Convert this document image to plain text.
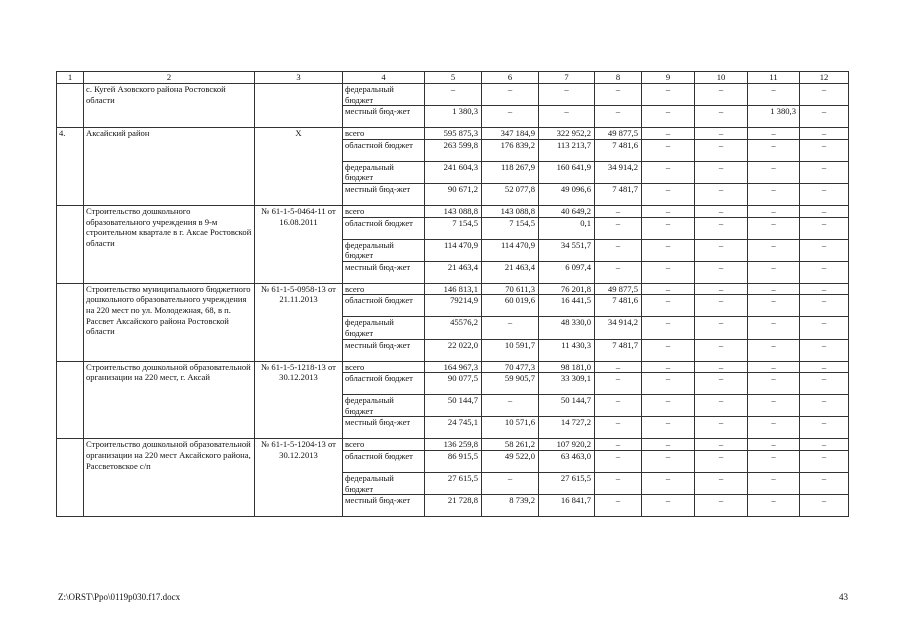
1	2	3	4	5	6	7	8	9	10	11	12
	с. Кугей Азовского района Ростовской области		федеральный бюджет	–	–	–	–	–	–	–	–
			местный бюд-жет	1 380,3	–	–	–	–	–	1 380,3	–
4.	Аксайский район	Х	всего	595 875,3	347 184,9	322 952,2	49 877,5	–	–	–	–
			областной бюджет	263 599,8	176 839,2	113 213,7	7 481,6	–	–	–	–
			федеральный бюджет	241 604,3	118 267,9	160 641,9	34 914,2	–	–	–	–
			местный бюд-жет	90 671,2	52 077,8	49 096,6	7 481,7	–	–	–	–
	Строительство дошкольного образовательного учреждения в 9-м строительном квартале в г. Аксае Ростовской области	№ 61-1-5-0464-11 от 16.08.2011	всего	143 088,8	143 088,8	40 649,2	–	–	–	–	–
			областной бюджет	7 154,5	7 154,5	0,1	–	–	–	–	–
			федеральный бюджет	114 470,9	114 470,9	34 551,7	–	–	–	–	–
			местный бюд-жет	21 463,4	21 463,4	6 097,4	–	–	–	–	–
	Строительство муниципального бюджетного дошкольного образовательного учреждения на 220 мест по ул. Молодежная, 68, в п. Рассвет Аксайского района Ростовской области	№ 61-1-5-0958-13 от 21.11.2013	всего	146 813,1	70 611,3	76 201,8	49 877,5	–	–	–	–
			областной бюджет	79214,9	60 019,6	16 441,5	7 481,6	–	–	–	–
			федеральный бюджет	45576,2	–	48 330,0	34 914,2	–	–	–	–
			местный бюд-жет	22 022,0	10 591,7	11 430,3	7 481,7	–	–	–	–
	Строительство дошкольной образовательной организации на 220 мест, г. Аксай	№ 61-1-5-1218-13 от 30.12.2013	всего	164 967,3	70 477,3	98 181,0	–	–	–	–	–
			областной бюджет	90 077,5	59 905,7	33 309,1	–	–	–	–	–
			федеральный бюджет	50 144,7	–	50 144,7	–	–	–	–	–
			местный бюд-жет	24 745,1	10 571,6	14 727,2	–	–	–	–	–
	Строительство дошкольной образовательной организации на 220 мест Аксайского района, Рассветовское с/п	№ 61-1-5-1204-13 от 30.12.2013	всего	136 259,8	58 261,2	107 920,2	–	–	–	–	–
			областной бюджет	86 915,5	49 522,0	63 463,0	–	–	–	–	–
			федеральный бюджет	27 615,5	–	27 615,5	–	–	–	–	–
			местный бюд-жет	21 728,8	8 739,2	16 841,7	–	–	–	–	–
Z:\ORST\Ppo\0119p030.f17.docx	43
